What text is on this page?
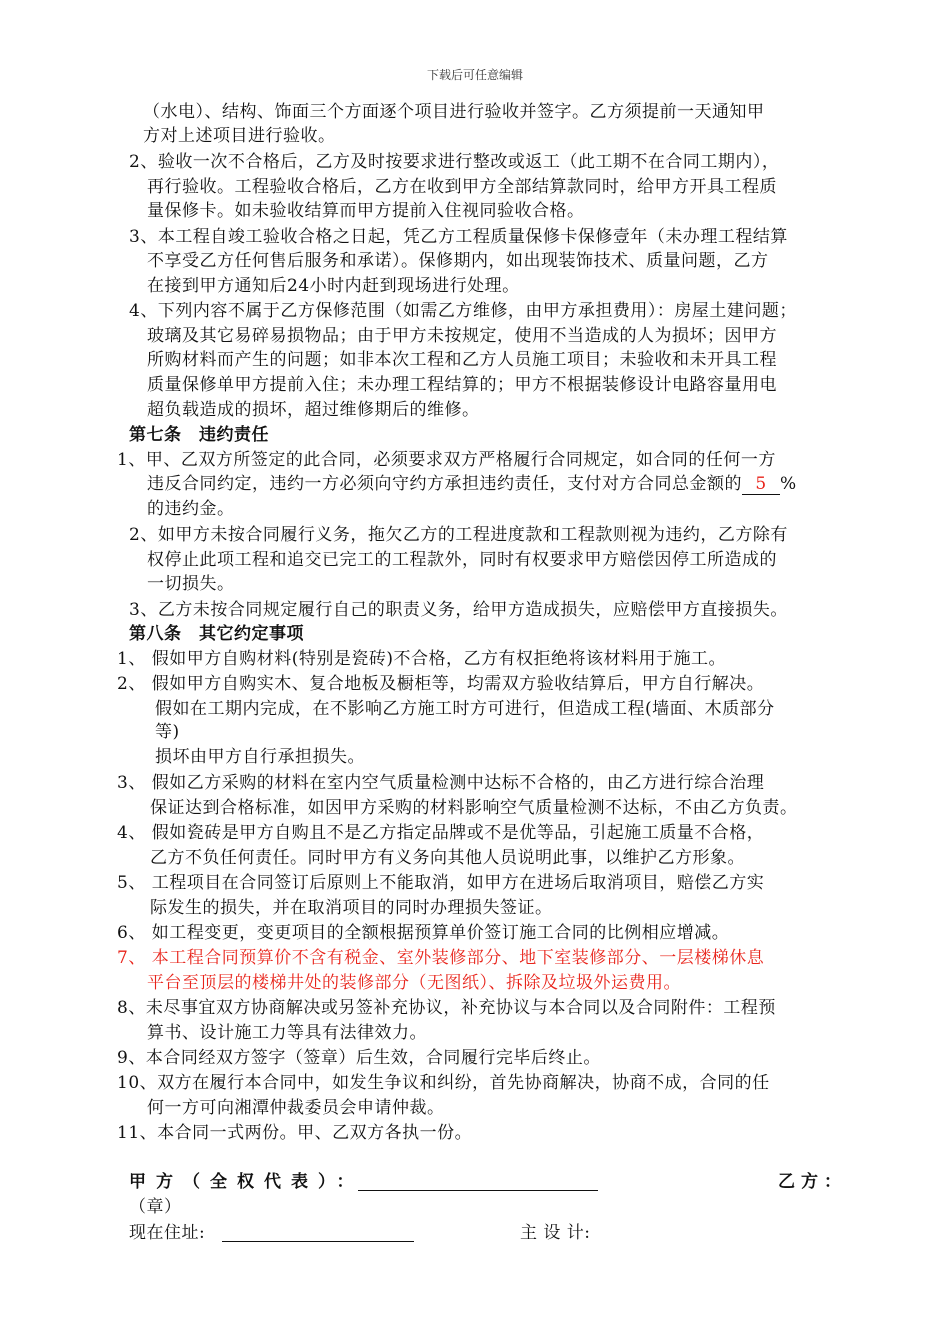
下载后可任意编辑
（水电）、结构、饰面三个方面逐个项目进行验收并签字。乙方须提前一天通知甲
方对上述项目进行验收。
2、验收一次不合格后，乙方及时按要求进行整改或返工（此工期不在合同工期内），
再行验收。工程验收合格后，乙方在收到甲方全部结算款同时，给甲方开具工程质
量保修卡。如未验收结算而甲方提前入住视同验收合格。
3、本工程自竣工验收合格之日起，凭乙方工程质量保修卡保修壹年（未办理工程结算
不享受乙方任何售后服务和承诺）。保修期内，如出现装饰技术、质量问题，乙方
在接到甲方通知后24小时内赶到现场进行处理。
4、下列内容不属于乙方保修范围（如需乙方维修，由甲方承担费用）：房屋土建问题；
玻璃及其它易碎易损物品；由于甲方未按规定，使用不当造成的人为损坏；因甲方
所购材料而产生的问题；如非本次工程和乙方人员施工项目；未验收和未开具工程
质量保修单甲方提前入住；未办理工程结算的；甲方不根据装修设计电路容量用电
超负载造成的损坏，超过维修期后的维修。
第七条　违约责任
1、甲、乙双方所签定的此合同，必须要求双方严格履行合同规定，如合同的任何一方
违反合同约定，违约一方必须向守约方承担违约责任，支付对方合同总金额的 5 %
的违约金。
2、如甲方未按合同履行义务，拖欠乙方的工程进度款和工程款则视为违约，乙方除有
权停止此项工程和追交已完工的工程款外，同时有权要求甲方赔偿因停工所造成的
一切损失。
3、乙方未按合同规定履行自己的职责义务，给甲方造成损失，应赔偿甲方直接损失。
第八条　其它约定事项
1、 假如甲方自购材料(特别是瓷砖)不合格，乙方有权拒绝将该材料用于施工。
2、 假如甲方自购实木、复合地板及橱柜等，均需双方验收结算后，甲方自行解决。
假如在工期内完成，在不影响乙方施工时方可进行，但造成工程(墙面、木质部分
等)
损坏由甲方自行承担损失。
3、 假如乙方采购的材料在室内空气质量检测中达标不合格的，由乙方进行综合治理
保证达到合格标准，如因甲方采购的材料影响空气质量检测不达标，不由乙方负责。
4、 假如瓷砖是甲方自购且不是乙方指定品牌或不是优等品，引起施工质量不合格，
乙方不负任何责任。同时甲方有义务向其他人员说明此事，以维护乙方形象。
5、 工程项目在合同签订后原则上不能取消，如甲方在进场后取消项目，赔偿乙方实
际发生的损失，并在取消项目的同时办理损失签证。
6、 如工程变更，变更项目的全额根据预算单价签订施工合同的比例相应增减。
7、 本工程合同预算价不含有税金、室外装修部分、地下室装修部分、一层楼梯休息
平台至顶层的楼梯井处的装修部分（无图纸）、拆除及垃圾外运费用。
8、未尽事宜双方协商解决或另签补充协议，补充协议与本合同以及合同附件：工程预
算书、设计施工力等具有法律效力。
9、本合同经双方签字（签章）后生效，合同履行完毕后终止。
10、双方在履行本合同中，如发生争议和纠纷，首先协商解决，协商不成，合同的任
何一方可向湘潭仲裁委员会申请仲裁。
11、本合同一式两份。甲、乙双方各执一份。
甲方（全权代表）：	乙方：
（章）
现在住址:	主 设 计:
